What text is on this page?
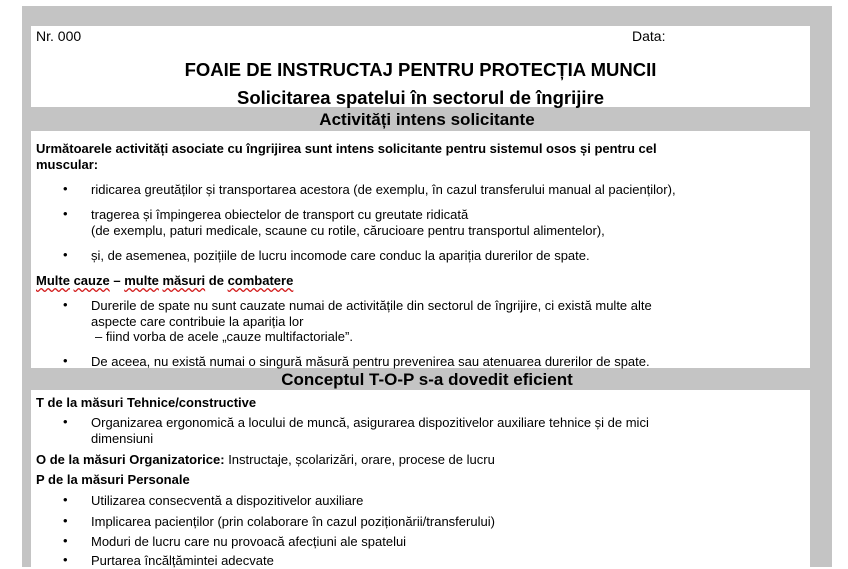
Nr. 000	Data:
FOAIE DE INSTRUCTAJ PENTRU PROTECȚIA MUNCII
Solicitarea spatelui în sectorul de îngrijire
Activități intens solicitante
Următoarele activități asociate cu îngrijirea sunt intens solicitante pentru sistemul osos și pentru cel
muscular:
• ridicarea greutăților și transportarea acestora (de exemplu, în cazul transferului manual al pacienților),
• tragerea și împingerea obiectelor de transport cu greutate ridicată
(de exemplu, paturi medicale, scaune cu rotile, cărucioare pentru transportul alimentelor),
• și, de asemenea, pozițiile de lucru incomode care conduc la apariția durerilor de spate.
Multe cauze – multe măsuri de combatere
• Durerile de spate nu sunt cauzate numai de activitățile din sectorul de îngrijire, ci există multe alte
aspecte care contribuie la apariția lor
– fiind vorba de acele „cauze multifactoriale”.
• De aceea, nu există numai o singură măsură pentru prevenirea sau atenuarea durerilor de spate.
Conceptul T-O-P s-a dovedit eficient
T de la măsuri Tehnice/constructive
• Organizarea ergonomică a locului de muncă, asigurarea dispozitivelor auxiliare tehnice și de mici
dimensiuni
O de la măsuri Organizatorice: Instructaje, școlarizări, orare, procese de lucru
P de la măsuri Personale
• Utilizarea consecventă a dispozitivelor auxiliare
• Implicarea pacienților (prin colaborare în cazul poziționării/transferului)
• Moduri de lucru care nu provoacă afecțiuni ale spatelui
• Purtarea încălțămintei adecvate
